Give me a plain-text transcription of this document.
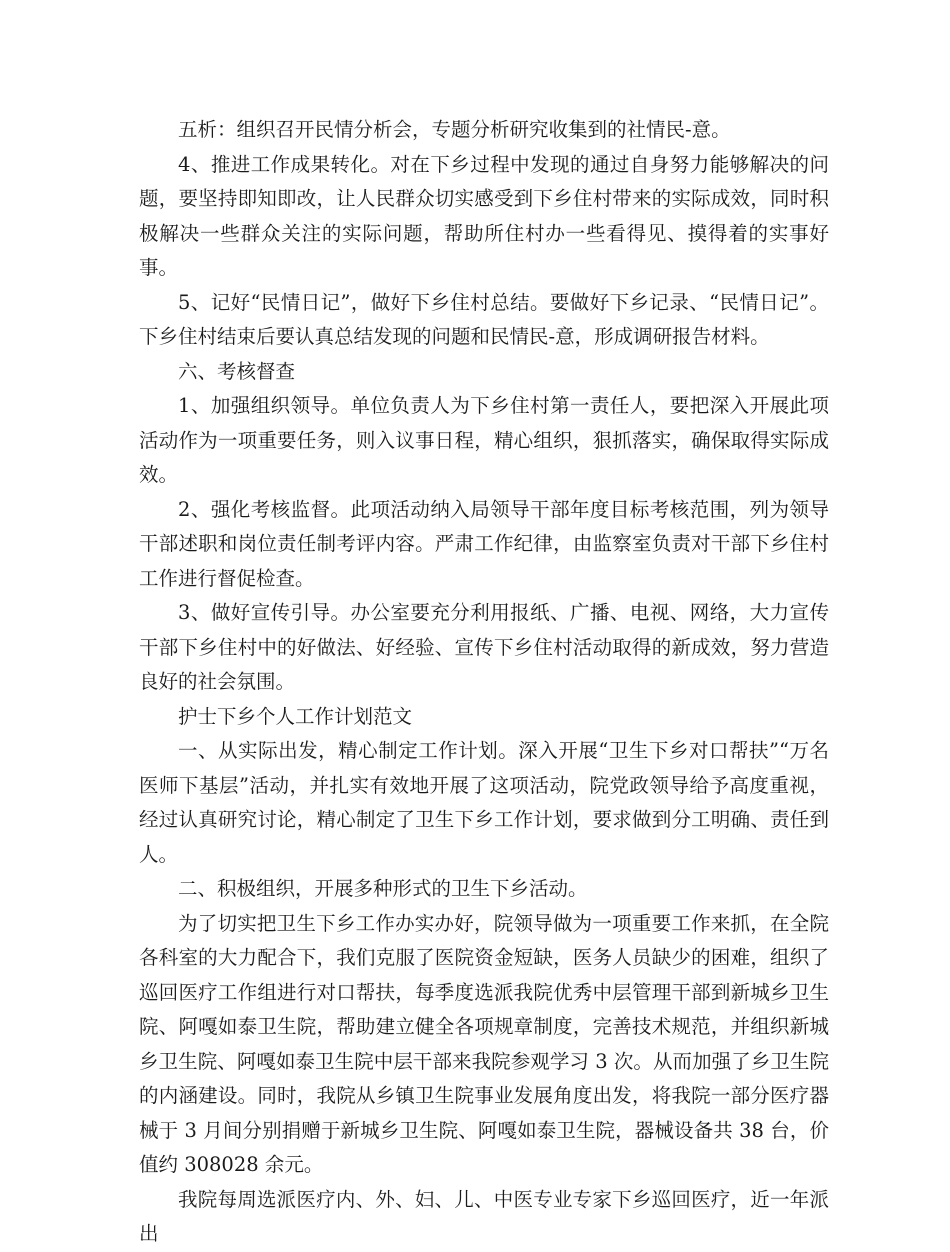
五析：组织召开民情分析会，专题分析研究收集到的社情民-意。

4、推进工作成果转化。对在下乡过程中发现的通过自身努力能够解决的问题，要坚持即知即改，让人民群众切实感受到下乡住村带来的实际成效，同时积极解决一些群众关注的实际问题，帮助所住村办一些看得见、摸得着的实事好事。

5、记好“民情日记”，做好下乡住村总结。要做好下乡记录、“民情日记”。下乡住村结束后要认真总结发现的问题和民情民-意，形成调研报告材料。

六、考核督查

1、加强组织领导。单位负责人为下乡住村第一责任人，要把深入开展此项活动作为一项重要任务，则入议事日程，精心组织，狠抓落实，确保取得实际成效。

2、强化考核监督。此项活动纳入局领导干部年度目标考核范围，列为领导干部述职和岗位责任制考评内容。严肃工作纪律，由监察室负责对干部下乡住村工作进行督促检查。

3、做好宣传引导。办公室要充分利用报纸、广播、电视、网络，大力宣传干部下乡住村中的好做法、好经验、宣传下乡住村活动取得的新成效，努力营造良好的社会氛围。

护士下乡个人工作计划范文

一、从实际出发，精心制定工作计划。深入开展“卫生下乡对口帮扶”“万名医师下基层”活动，并扎实有效地开展了这项活动，院党政领导给予高度重视，经过认真研究讨论，精心制定了卫生下乡工作计划，要求做到分工明确、责任到人。

二、积极组织，开展多种形式的卫生下乡活动。

为了切实把卫生下乡工作办实办好，院领导做为一项重要工作来抓，在全院各科室的大力配合下，我们克服了医院资金短缺，医务人员缺少的困难，组织了巡回医疗工作组进行对口帮扶，每季度选派我院优秀中层管理干部到新城乡卫生院、阿嘎如泰卫生院，帮助建立健全各项规章制度，完善技术规范，并组织新城乡卫生院、阿嘎如泰卫生院中层干部来我院参观学习 3 次。从而加强了乡卫生院的内涵建设。同时，我院从乡镇卫生院事业发展角度出发，将我院一部分医疗器械于 3 月间分别捐赠于新城乡卫生院、阿嘎如泰卫生院，器械设备共 38 台，价值约 308028 余元。

我院每周选派医疗内、外、妇、儿、中医专业专家下乡巡回医疗，近一年派出
